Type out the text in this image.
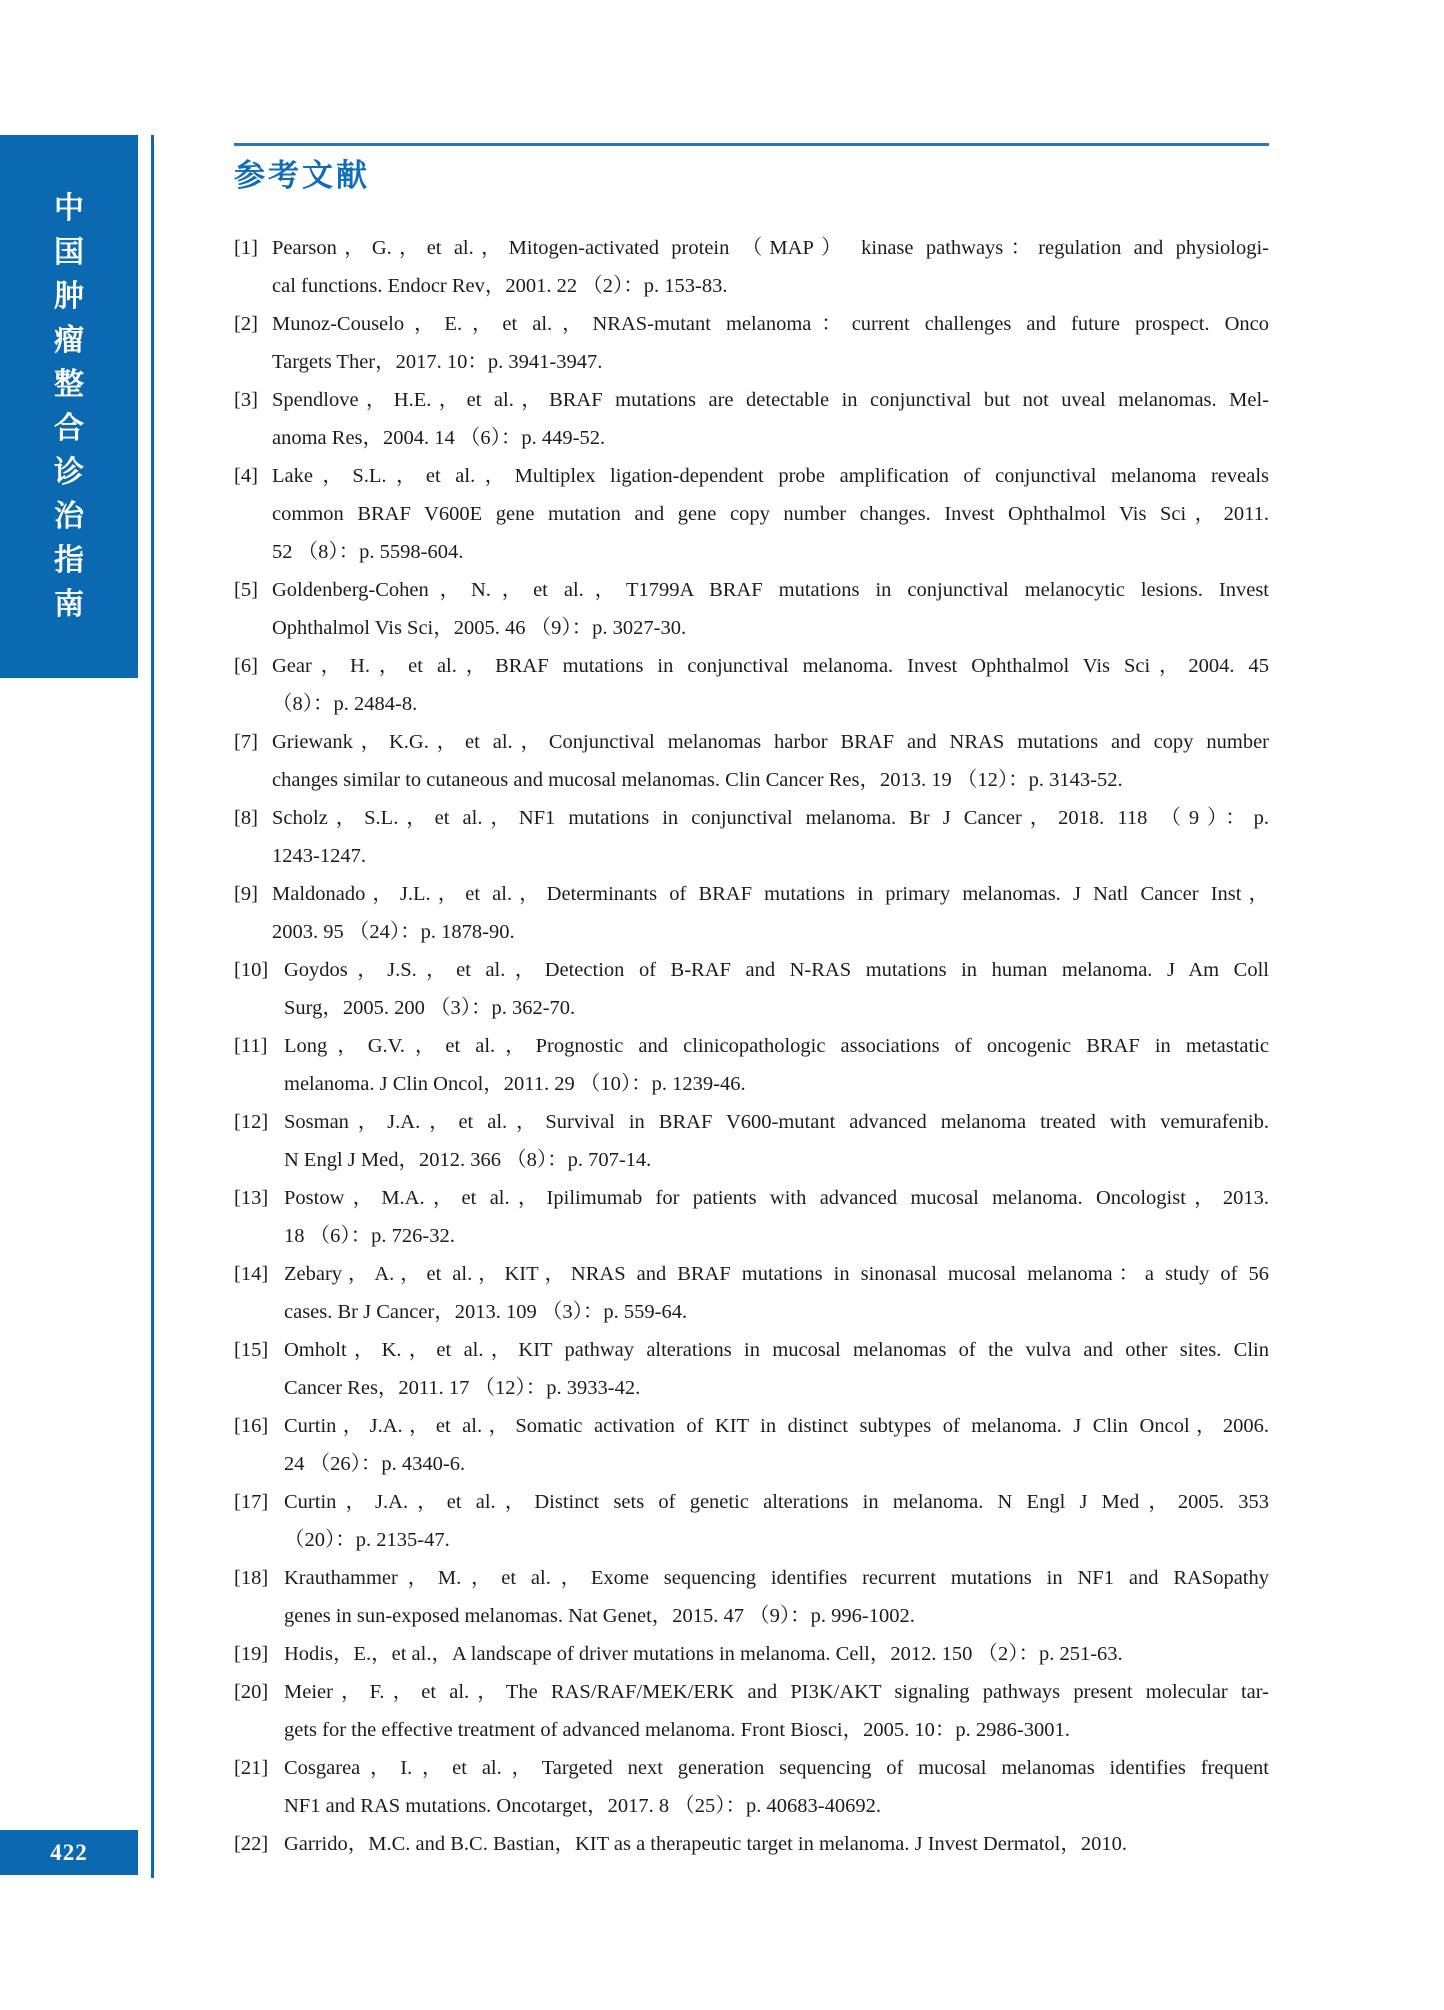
中
国
肿
瘤
整
合
诊
治
指
南
422
参考文献
[1] Pearson，G.，et al.，Mitogen-activated protein （MAP） kinase pathways：regulation and physiologi-
cal functions. Endocr Rev，2001. 22 （2）：p. 153-83.
[2] Munoz-Couselo，E.，et al.，NRAS-mutant melanoma：current challenges and future prospect. Onco
Targets Ther，2017. 10：p. 3941-3947.
[3] Spendlove，H.E.，et al.，BRAF mutations are detectable in conjunctival but not uveal melanomas. Mel-
anoma Res，2004. 14 （6）：p. 449-52.
[4] Lake，S.L.，et al.，Multiplex ligation-dependent probe amplification of conjunctival melanoma reveals
common BRAF V600E gene mutation and gene copy number changes. Invest Ophthalmol Vis Sci，2011.
52 （8）：p. 5598-604.
[5] Goldenberg-Cohen，N.，et al.，T1799A BRAF mutations in conjunctival melanocytic lesions. Invest
Ophthalmol Vis Sci，2005. 46 （9）：p. 3027-30.
[6] Gear，H.，et al.，BRAF mutations in conjunctival melanoma. Invest Ophthalmol Vis Sci，2004. 45
（8）：p. 2484-8.
[7] Griewank，K.G.，et al.，Conjunctival melanomas harbor BRAF and NRAS mutations and copy number
changes similar to cutaneous and mucosal melanomas. Clin Cancer Res，2013. 19 （12）：p. 3143-52.
[8] Scholz，S.L.，et al.，NF1 mutations in conjunctival melanoma. Br J Cancer，2018. 118 （9）：p.
1243-1247.
[9] Maldonado，J.L.，et al.，Determinants of BRAF mutations in primary melanomas. J Natl Cancer Inst，
2003. 95 （24）：p. 1878-90.
[10] Goydos，J.S.，et al.，Detection of B-RAF and N-RAS mutations in human melanoma. J Am Coll
Surg，2005. 200 （3）：p. 362-70.
[11] Long，G.V.，et al.，Prognostic and clinicopathologic associations of oncogenic BRAF in metastatic
melanoma. J Clin Oncol，2011. 29 （10）：p. 1239-46.
[12] Sosman，J.A.，et al.，Survival in BRAF V600-mutant advanced melanoma treated with vemurafenib.
N Engl J Med，2012. 366 （8）：p. 707-14.
[13] Postow，M.A.，et al.，Ipilimumab for patients with advanced mucosal melanoma. Oncologist，2013.
18 （6）：p. 726-32.
[14] Zebary，A.，et al.，KIT，NRAS and BRAF mutations in sinonasal mucosal melanoma：a study of 56
cases. Br J Cancer，2013. 109 （3）：p. 559-64.
[15] Omholt，K.，et al.，KIT pathway alterations in mucosal melanomas of the vulva and other sites. Clin
Cancer Res，2011. 17 （12）：p. 3933-42.
[16] Curtin，J.A.，et al.，Somatic activation of KIT in distinct subtypes of melanoma. J Clin Oncol，2006.
24 （26）：p. 4340-6.
[17] Curtin，J.A.，et al.，Distinct sets of genetic alterations in melanoma. N Engl J Med，2005. 353
（20）：p. 2135-47.
[18] Krauthammer，M.，et al.，Exome sequencing identifies recurrent mutations in NF1 and RASopathy
genes in sun-exposed melanomas. Nat Genet，2015. 47 （9）：p. 996-1002.
[19] Hodis，E.，et al.，A landscape of driver mutations in melanoma. Cell，2012. 150 （2）：p. 251-63.
[20] Meier，F.，et al.，The RAS/RAF/MEK/ERK and PI3K/AKT signaling pathways present molecular tar-
gets for the effective treatment of advanced melanoma. Front Biosci，2005. 10：p. 2986-3001.
[21] Cosgarea，I.，et al.，Targeted next generation sequencing of mucosal melanomas identifies frequent
NF1 and RAS mutations. Oncotarget，2017. 8 （25）：p. 40683-40692.
[22] Garrido，M.C. and B.C. Bastian，KIT as a therapeutic target in melanoma. J Invest Dermatol，2010.
